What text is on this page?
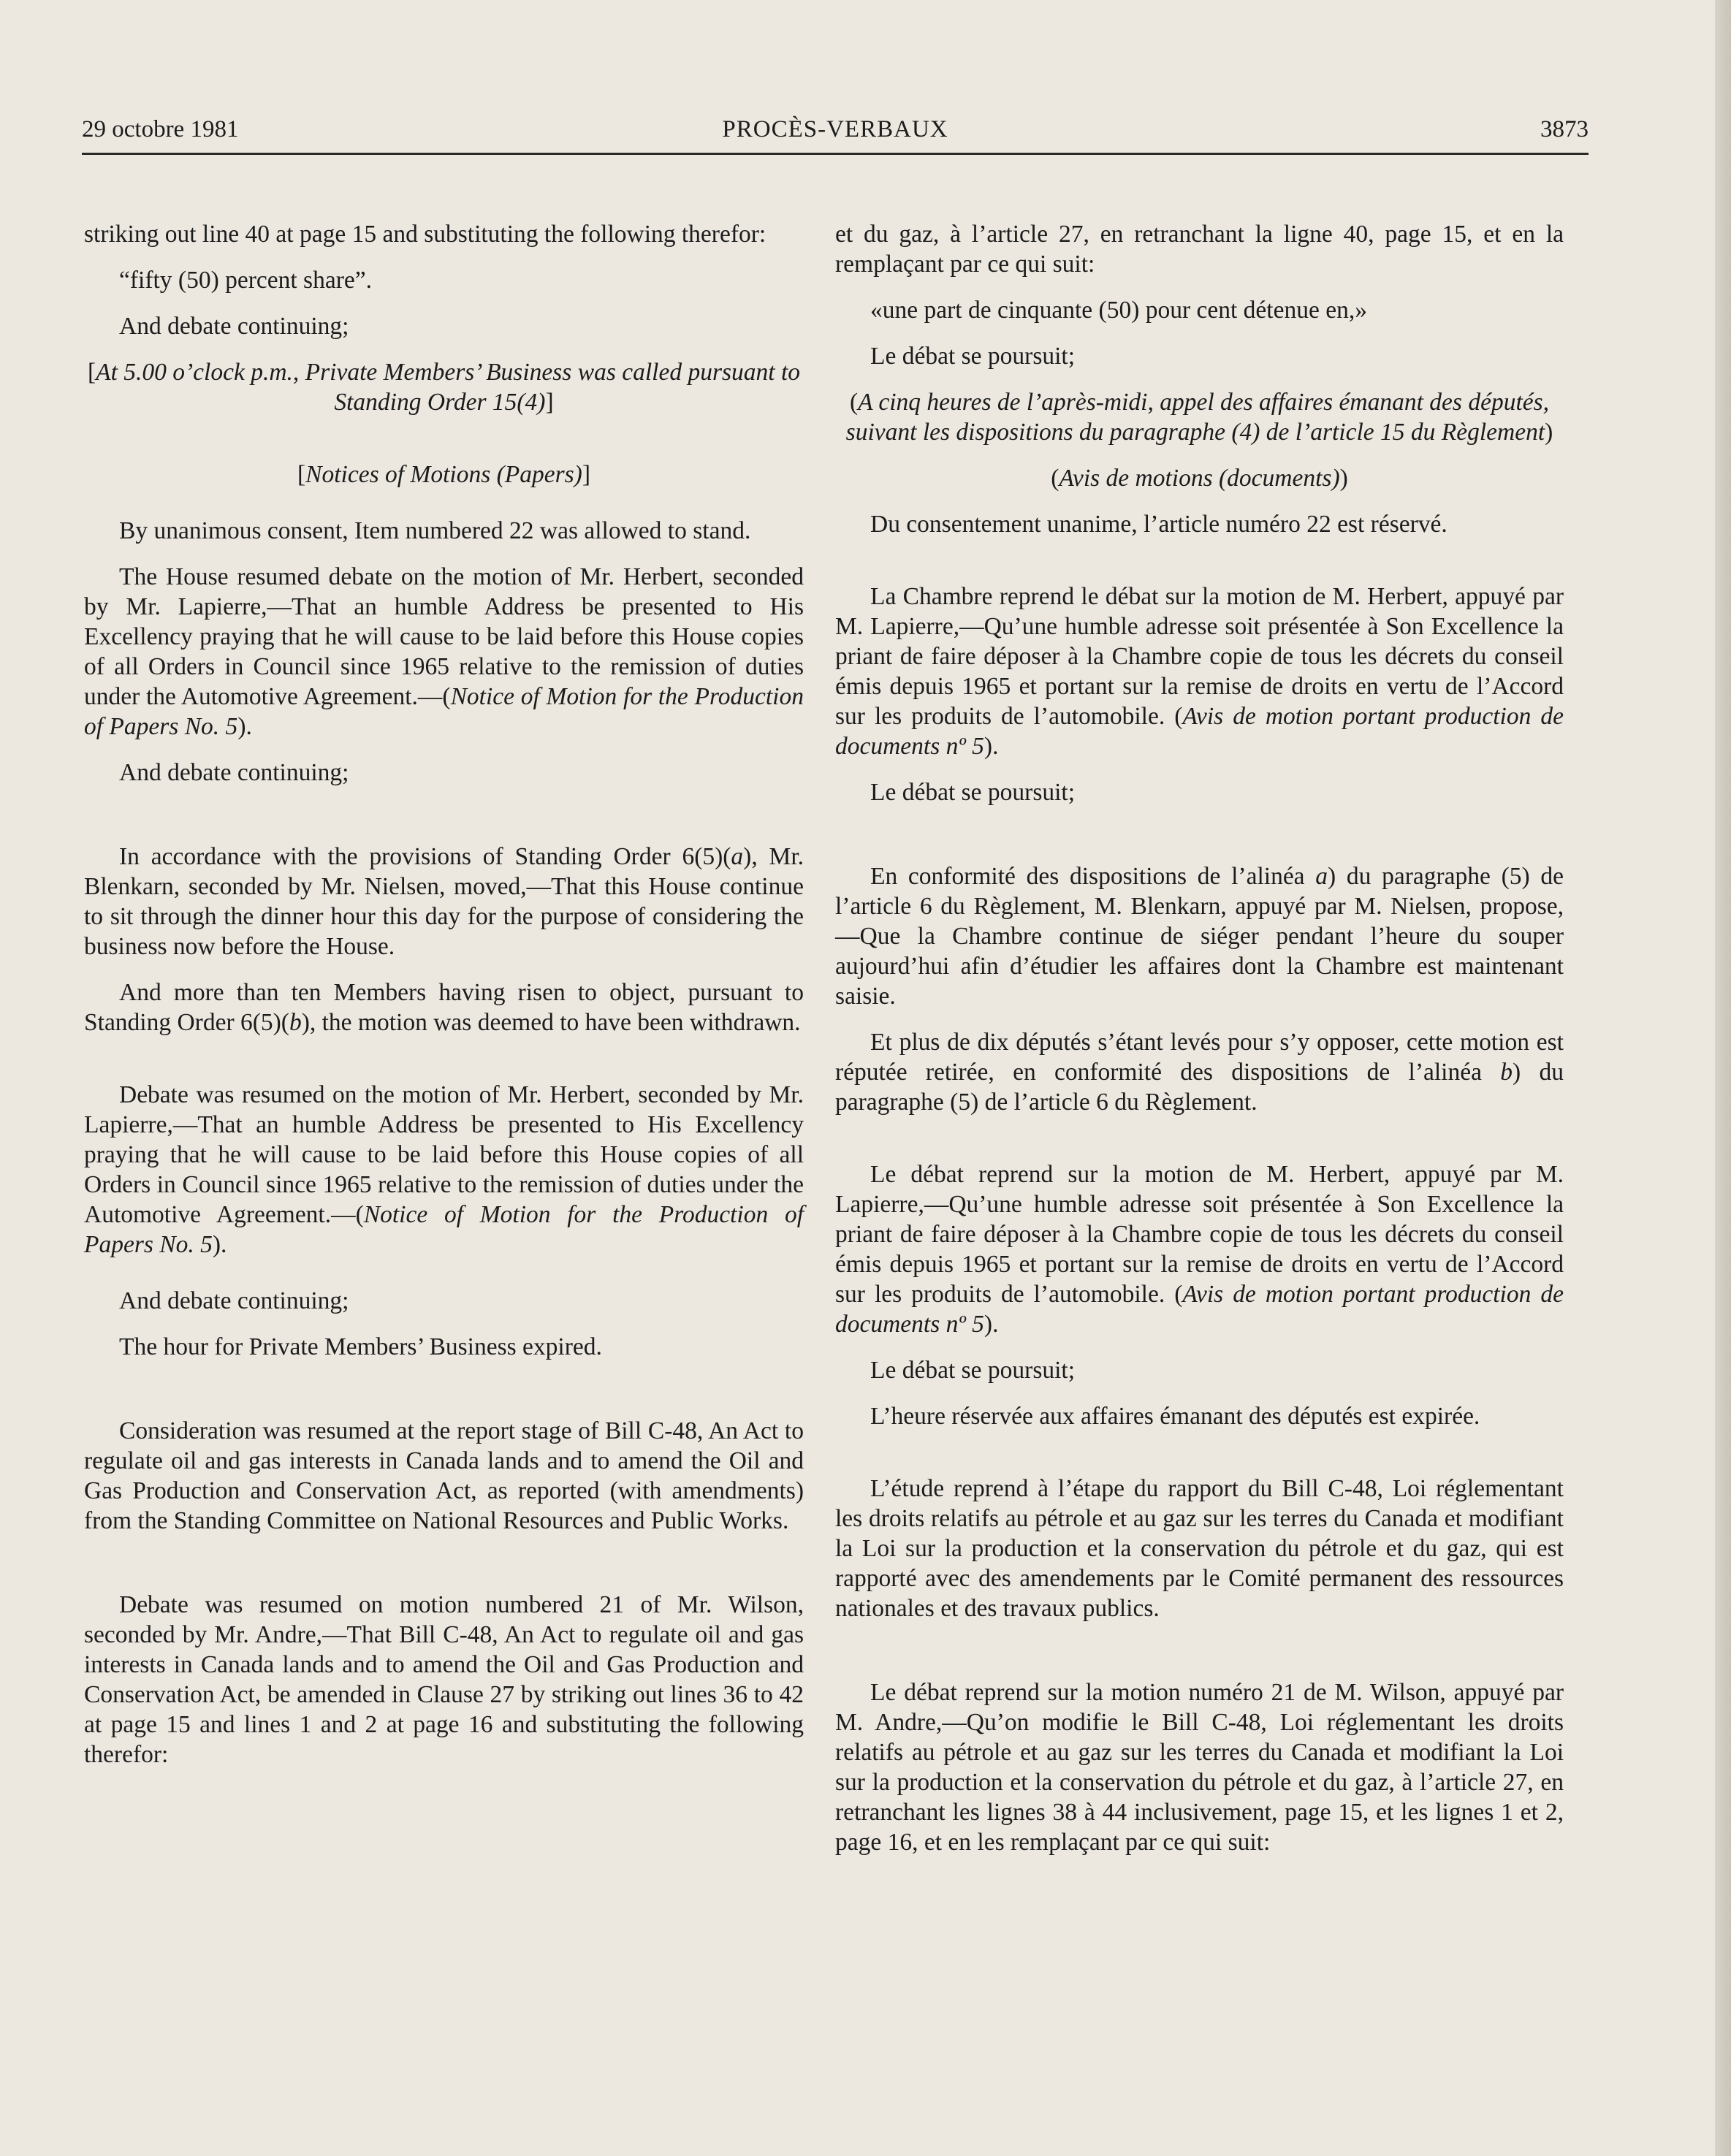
29 octobre 1981	PROCÈS-VERBAUX	3873

striking out line 40 at page 15 and substituting the following therefor:

“fifty (50) percent share”.

And debate continuing;

[At 5.00 o’clock p.m., Private Members’ Business was called pursuant to Standing Order 15(4)]

[Notices of Motions (Papers)]

By unanimous consent, Item numbered 22 was allowed to stand.

The House resumed debate on the motion of Mr. Herbert, seconded by Mr. Lapierre,—That an humble Address be presented to His Excellency praying that he will cause to be laid before this House copies of all Orders in Council since 1965 relative to the remission of duties under the Automotive Agreement.—(Notice of Motion for the Production of Papers No. 5).

And debate continuing;

In accordance with the provisions of Standing Order 6(5)(a), Mr. Blenkarn, seconded by Mr. Nielsen, moved,—That this House continue to sit through the dinner hour this day for the purpose of considering the business now before the House.

And more than ten Members having risen to object, pursuant to Standing Order 6(5)(b), the motion was deemed to have been withdrawn.

Debate was resumed on the motion of Mr. Herbert, seconded by Mr. Lapierre,—That an humble Address be presented to His Excellency praying that he will cause to be laid before this House copies of all Orders in Council since 1965 relative to the remission of duties under the Automotive Agreement.—(Notice of Motion for the Production of Papers No. 5).

And debate continuing;

The hour for Private Members’ Business expired.

Consideration was resumed at the report stage of Bill C-48, An Act to regulate oil and gas interests in Canada lands and to amend the Oil and Gas Production and Conservation Act, as reported (with amendments) from the Standing Committee on National Resources and Public Works.

Debate was resumed on motion numbered 21 of Mr. Wilson, seconded by Mr. Andre,—That Bill C-48, An Act to regulate oil and gas interests in Canada lands and to amend the Oil and Gas Production and Conservation Act, be amended in Clause 27 by striking out lines 36 to 42 at page 15 and lines 1 and 2 at page 16 and substituting the following therefor:

et du gaz, à l’article 27, en retranchant la ligne 40, page 15, et en la remplaçant par ce qui suit:

«une part de cinquante (50) pour cent détenue en,»

Le débat se poursuit;

(A cinq heures de l’après-midi, appel des affaires émanant des députés, suivant les dispositions du paragraphe (4) de l’article 15 du Règlement)

(Avis de motions (documents))

Du consentement unanime, l’article numéro 22 est réservé.

La Chambre reprend le débat sur la motion de M. Herbert, appuyé par M. Lapierre,—Qu’une humble adresse soit présentée à Son Excellence la priant de faire déposer à la Chambre copie de tous les décrets du conseil émis depuis 1965 et portant sur la remise de droits en vertu de l’Accord sur les produits de l’automobile. (Avis de motion portant production de documents nº 5).

Le débat se poursuit;

En conformité des dispositions de l’alinéa a) du paragraphe (5) de l’article 6 du Règlement, M. Blenkarn, appuyé par M. Nielsen, propose,—Que la Chambre continue de siéger pendant l’heure du souper aujourd’hui afin d’étudier les affaires dont la Chambre est maintenant saisie.

Et plus de dix députés s’étant levés pour s’y opposer, cette motion est réputée retirée, en conformité des dispositions de l’alinéa b) du paragraphe (5) de l’article 6 du Règlement.

Le débat reprend sur la motion de M. Herbert, appuyé par M. Lapierre,—Qu’une humble adresse soit présentée à Son Excellence la priant de faire déposer à la Chambre copie de tous les décrets du conseil émis depuis 1965 et portant sur la remise de droits en vertu de l’Accord sur les produits de l’automobile. (Avis de motion portant production de documents nº 5).

Le débat se poursuit;

L’heure réservée aux affaires émanant des députés est expirée.

L’étude reprend à l’étape du rapport du Bill C-48, Loi réglementant les droits relatifs au pétrole et au gaz sur les terres du Canada et modifiant la Loi sur la production et la conservation du pétrole et du gaz, qui est rapporté avec des amendements par le Comité permanent des ressources nationales et des travaux publics.

Le débat reprend sur la motion numéro 21 de M. Wilson, appuyé par M. Andre,—Qu’on modifie le Bill C-48, Loi réglementant les droits relatifs au pétrole et au gaz sur les terres du Canada et modifiant la Loi sur la production et la conservation du pétrole et du gaz, à l’article 27, en retranchant les lignes 38 à 44 inclusivement, page 15, et les lignes 1 et 2, page 16, et en les remplaçant par ce qui suit:
